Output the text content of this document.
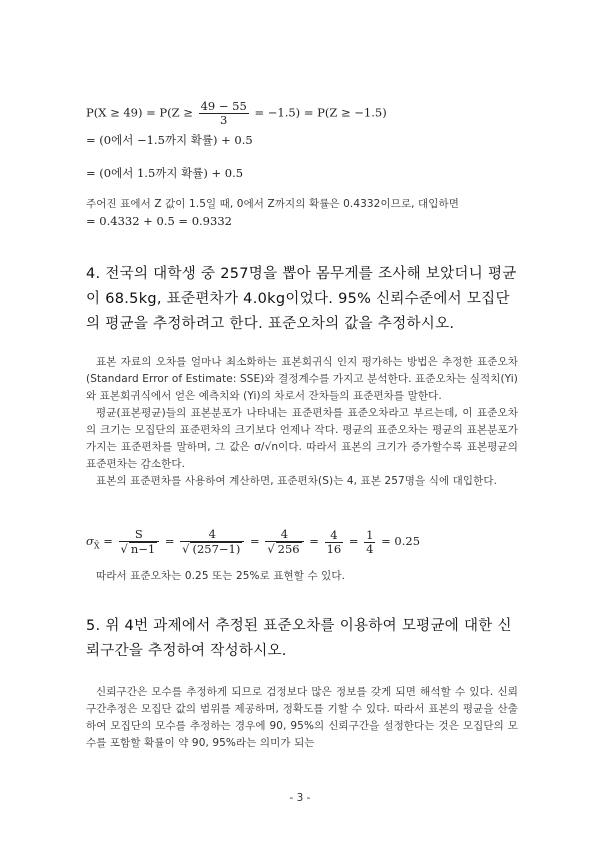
$P(X \ge 49) = P(Z \ge \frac{49 - 55}{3} = -1.5) = P(Z \ge -1.5)$
= (0에서 −1.5까지 확률) + 0.5
= (0에서 1.5까지 확률) + 0.5
주어진 표에서 Z 값이 1.5일 때, 0에서 Z까지의 확률은 0.4332이므로, 대입하면
= 0.4332 + 0.5 = 0.9332
4. 전국의 대학생 중 257명을 뽑아 몸무게를 조사해 보았더니 평균이 68.5kg, 표준편차가 4.0kg이었다. 95% 신뢰수준에서 모집단의 평균을 추정하려고 한다. 표준오차의 값을 추정하시오.

표본 자료의 오차를 얼마나 최소화하는 표본회귀식 인지 평가하는 방법은 추정한 표준오차(Standard Error of Estimate: SSE)와 결정계수를 가지고 분석한다. 표준오차는 실적치(Yi)와 표본회귀식에서 얻은 예측치와 (Yi)의 차로서 잔차들의 표준편차를 말한다.

평균(표본평균)들의 표본분포가 나타내는 표준편차를 표준오차라고 부르는데, 이 표준오차의 크기는 모집단의 표준편차의 크기보다 언제나 작다. 평균의 표준오차는 평균의 표본분포가 가지는 표준편차를 말하며, 그 값은 σ/√n이다. 따라서 표본의 크기가 증가할수록 표본평균의 표준편차는 감소한다.

표본의 표준편차를 사용하여 계산하면, 표준편차(S)는 4, 표본 257명을 식에 대입한다.

$\sigma_{X̄} = \frac{S}{√ n-1} = \frac{4}{√ (257-1)} = \frac{4}{√ 256} = \frac{4}{16} = \frac{1}{4} = 0.25$
따라서 표준오차는 0.25 또는 25%로 표현할 수 있다.
5. 위 4번 과제에서 추정된 표준오차를 이용하여 모평균에 대한 신뢰구간을 추정하여 작성하시오.

신뢰구간은 모수를 추정하게 되므로 검정보다 많은 정보를 갖게 되면 해석할 수 있다. 신뢰구간추정은 모집단 값의 범위를 제공하며, 정확도를 기할 수 있다. 따라서 표본의 평균을 산출하여 모집단의 모수를 추정하는 경우에 90, 95%의 신뢰구간을 설정한다는 것은 모집단의 모수를 포함할 확률이 약 90, 95%라는 의미가 되는

- 3 -
